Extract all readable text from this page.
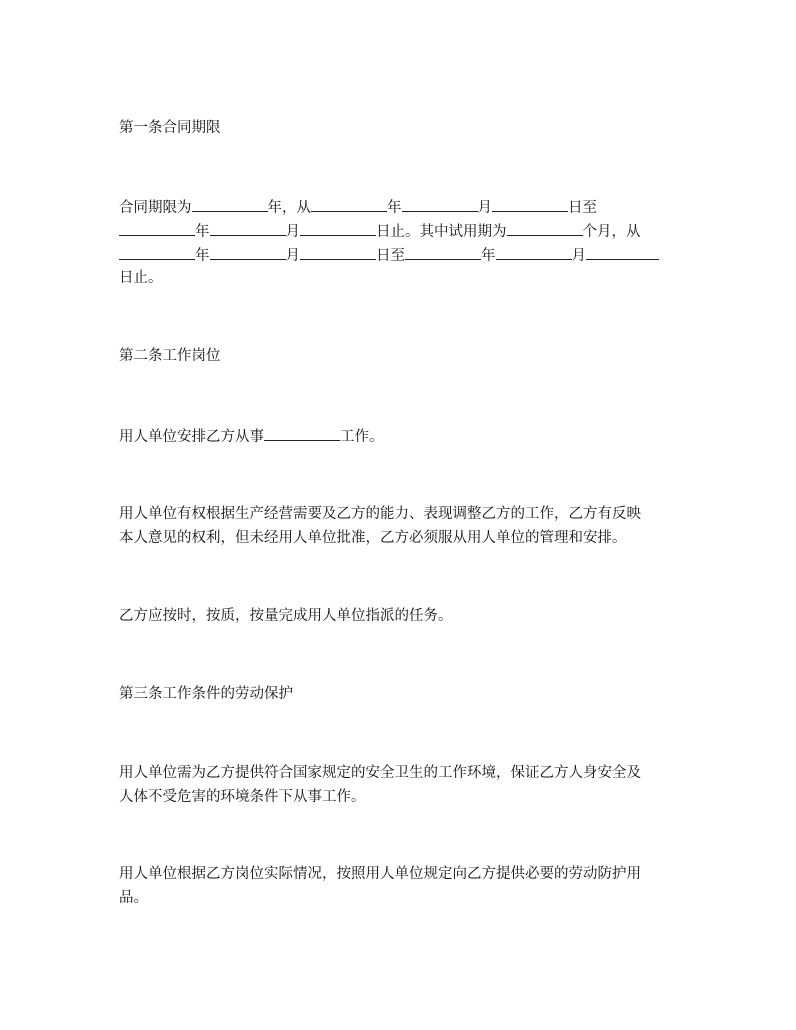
第一条合同期限
合同期限为	年，从	年	月	日至
年	月	日止。其中试用期为	个月，从
年	月	日至	年	月
日止。
第二条工作岗位
用人单位安排乙方从事	工作。
用人单位有权根据生产经营需要及乙方的能力、表现调整乙方的工作，乙方有反映
本人意见的权利，但未经用人单位批准，乙方必须服从用人单位的管理和安排。
乙方应按时，按质，按量完成用人单位指派的任务。
第三条工作条件的劳动保护
用人单位需为乙方提供符合国家规定的安全卫生的工作环境，保证乙方人身安全及
人体不受危害的环境条件下从事工作。
用人单位根据乙方岗位实际情况，按照用人单位规定向乙方提供必要的劳动防护用
品。
